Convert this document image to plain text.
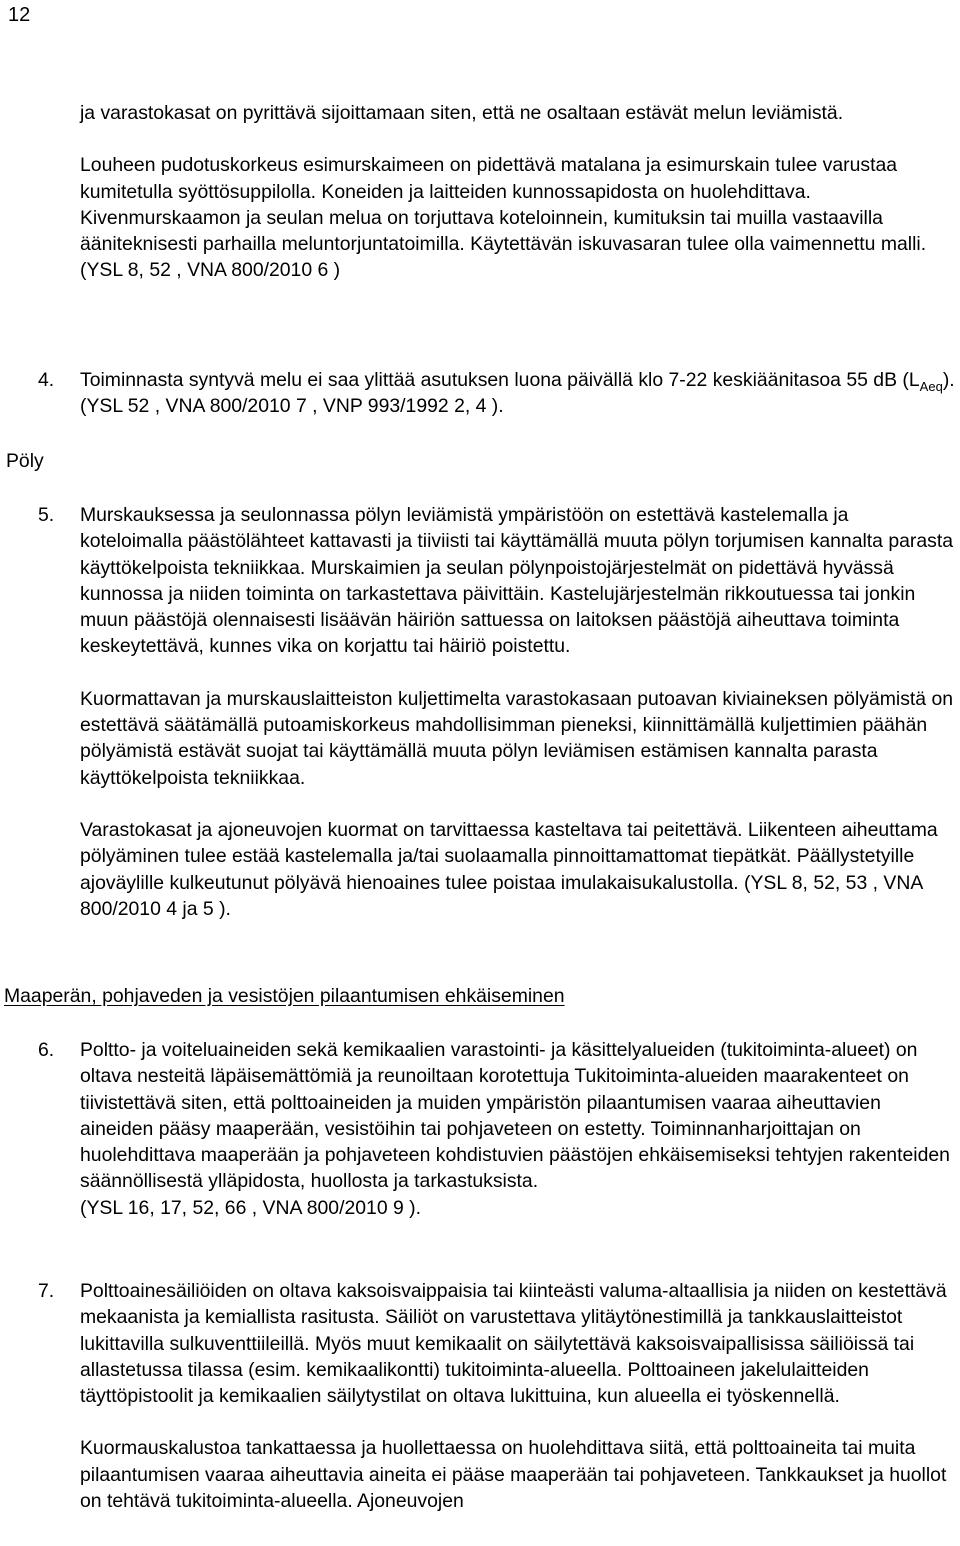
12

ja varastokasat on pyrittävä sijoittamaan siten, että ne osaltaan estävät melun leviämistä.

Louheen pudotuskorkeus esimurskaimeen on pidettävä matalana ja esimurskain tulee varustaa kumitetulla syöttösuppilolla. Koneiden ja laitteiden kunnossapidosta on huolehdittava. Kivenmurskaamon ja seulan melua on torjuttava koteloinnein, kumituksin tai muilla vastaavilla ääniteknisesti parhailla meluntorjuntatoimilla. Käytettävän iskuvasaran tulee olla vaimennettu malli. (YSL 8, 52 , VNA 800/2010 6 )

4.	Toiminnasta syntyvä melu ei saa ylittää asutuksen luona päivällä klo 7-22 keskiäänitasoa 55 dB $(L_{Aeq})$. (YSL 52 , VNA 800/2010 7 , VNP 993/1992 2, 4 ).
Pöly
5.	Murskauksessa ja seulonnassa pölyn leviämistä ympäristöön on estettävä kastelemalla ja koteloimalla päästölähteet kattavasti ja tiiviisti tai käyttämällä muuta pölyn torjumisen kannalta parasta käyttökelpoista tekniikkaa. Murskaimien ja seulan pölynpoistojärjestelmät on pidettävä hyvässä kunnossa ja niiden toiminta on tarkastettava päivittäin. Kastelujärjestelmän rikkoutuessa tai jonkin muun päästöjä olennaisesti lisäävän häiriön sattuessa on laitoksen päästöjä aiheuttava toiminta keskeytettävä, kunnes vika on korjattu tai häiriö poistettu.

Kuormattavan ja murskauslaitteiston kuljettimelta varastokasaan putoavan kiviaineksen pölyämistä on estettävä säätämällä putoamiskorkeus mahdollisimman pieneksi, kiinnittämällä kuljettimien päähän pölyämistä estävät suojat tai käyttämällä muuta pölyn leviämisen estämisen kannalta parasta käyttökelpoista tekniikkaa.

Varastokasat ja ajoneuvojen kuormat on tarvittaessa kasteltava tai peitettävä. Liikenteen aiheuttama pölyäminen tulee estää kastelemalla ja/tai suolaamalla pinnoittamattomat tiepätkät. Päällystetyille ajoväylille kulkeutunut pölyävä hienoaines tulee poistaa imulakaisukalustolla. (YSL 8, 52, 53 , VNA 800/2010 4 ja 5 ).

Maaperän, pohjaveden ja vesistöjen pilaantumisen ehkäiseminen
6.	Poltto- ja voiteluaineiden sekä kemikaalien varastointi- ja käsittelyalueiden (tukitoiminta-alueet) on oltava nesteitä läpäisemättömiä ja reunoiltaan korotettuja Tukitoiminta-alueiden maarakenteet on tiivistettävä siten, että polttoaineiden ja muiden ympäristön pilaantumisen vaaraa aiheuttavien aineiden pääsy maaperään, vesistöihin tai pohjaveteen on estetty. Toiminnanharjoittajan on huolehdittava maaperään ja pohjaveteen kohdistuvien päästöjen ehkäisemiseksi tehtyjen rakenteiden säännöllisestä ylläpidosta, huollosta ja tarkastuksista.

(YSL 16, 17, 52, 66 , VNA 800/2010 9 ).

7.	Polttoainesäiliöiden on oltava kaksoisvaippaisia tai kiinteästi valuma-altaallisia ja niiden on kestettävä mekaanista ja kemiallista rasitusta. Säiliöt on varustettava ylitäytönestimillä ja tankkauslaitteistot lukittavilla sulkuventtiileillä. Myös muut kemikaalit on säilytettävä kaksoisvaipallisissa säiliöissä tai allastetussa tilassa (esim. kemikaalikontti) tukitoiminta-alueella. Polttoaineen jakelulaitteiden täyttöpistoolit ja kemikaalien säilytystilat on oltava lukittuina, kun alueella ei työskennellä.

Kuormauskalustoa tankattaessa ja huollettaessa on huolehdittava siitä, että polttoaineita tai muita pilaantumisen vaaraa aiheuttavia aineita ei pääse maaperään tai pohjaveteen. Tankkaukset ja huollot on tehtävä tukitoiminta-alueella. Ajoneuvojen
